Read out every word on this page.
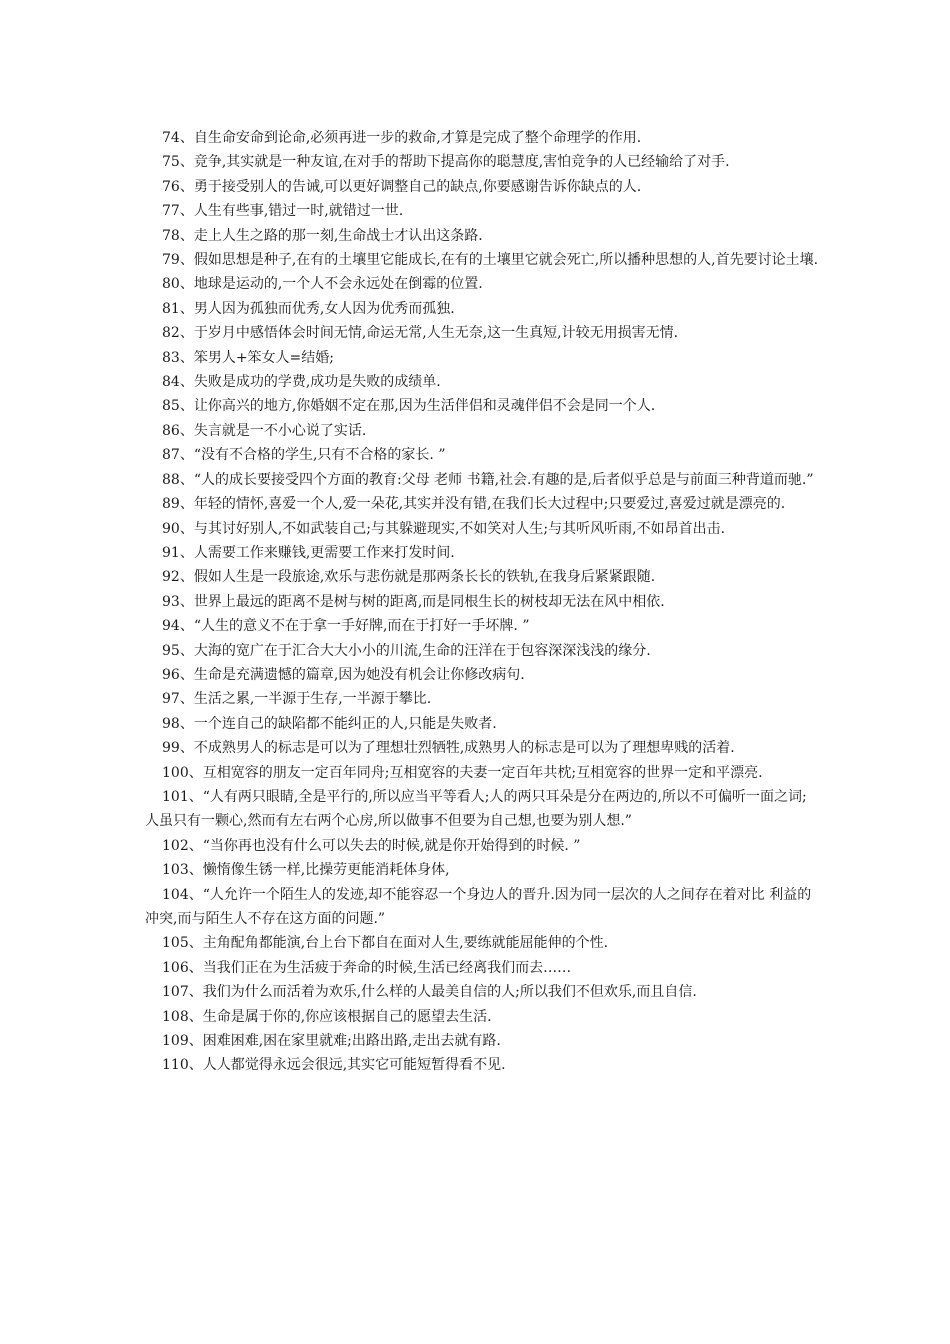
74、自生命安命到论命,必须再进一步的救命,才算是完成了整个命理学的作用.

75、竞争,其实就是一种友谊,在对手的帮助下提高你的聪慧度,害怕竞争的人已经输给了对手.

76、勇于接受别人的告诫,可以更好调整自己的缺点,你要感谢告诉你缺点的人.

77、人生有些事,错过一时,就错过一世.

78、走上人生之路的那一刻,生命战士才认出这条路.

79、假如思想是种子,在有的土壤里它能成长,在有的土壤里它就会死亡,所以播种思想的人,首先要讨论土壤.

80、地球是运动的,一个人不会永远处在倒霉的位置.

81、男人因为孤独而优秀,女人因为优秀而孤独.

82、于岁月中感悟体会时间无情,命运无常,人生无奈,这一生真短,计较无用损害无情.

83、笨男人+笨女人=结婚;

84、失败是成功的学费,成功是失败的成绩单.

85、让你高兴的地方,你婚姻不定在那,因为生活伴侣和灵魂伴侣不会是同一个人.

86、失言就是一不小心说了实话.

87、“没有不合格的学生,只有不合格的家长. ”

88、“人的成长要接受四个方面的教育:父母 老师 书籍,社会.有趣的是,后者似乎总是与前面三种背道而驰.”

89、年轻的情怀,喜爱一个人,爱一朵花,其实并没有错,在我们长大过程中;只要爱过,喜爱过就是漂亮的.

90、与其讨好别人,不如武装自己;与其躲避现实,不如笑对人生;与其听风听雨,不如昂首出击.

91、人需要工作来赚钱,更需要工作来打发时间.

92、假如人生是一段旅途,欢乐与悲伤就是那两条长长的铁轨,在我身后紧紧跟随.

93、世界上最远的距离不是树与树的距离,而是同根生长的树枝却无法在风中相依.

94、“人生的意义不在于拿一手好牌,而在于打好一手坏牌. ”

95、大海的宽广在于汇合大大小小的川流,生命的汪洋在于包容深深浅浅的缘分.

96、生命是充满遗憾的篇章,因为她没有机会让你修改病句.

97、生活之累,一半源于生存,一半源于攀比.

98、一个连自己的缺陷都不能纠正的人,只能是失败者.

99、不成熟男人的标志是可以为了理想壮烈牺牲,成熟男人的标志是可以为了理想卑贱的活着.

100、互相宽容的朋友一定百年同舟;互相宽容的夫妻一定百年共枕;互相宽容的世界一定和平漂亮.

101、“人有两只眼睛,全是平行的,所以应当平等看人;人的两只耳朵是分在两边的,所以不可偏听一面之词;人虽只有一颗心,然而有左右两个心房,所以做事不但要为自己想,也要为别人想.”

102、“当你再也没有什么可以失去的时候,就是你开始得到的时候. ”

103、懒惰像生锈一样,比操劳更能消耗体身体,

104、“人允许一个陌生人的发迹,却不能容忍一个身边人的晋升.因为同一层次的人之间存在着对比 利益的冲突,而与陌生人不存在这方面的问题.”

105、主角配角都能演,台上台下都自在面对人生,要练就能屈能伸的个性.

106、当我们正在为生活疲于奔命的时候,生活已经离我们而去……

107、我们为什么而活着为欢乐,什么样的人最美自信的人;所以我们不但欢乐,而且自信.

108、生命是属于你的,你应该根据自己的愿望去生活.

109、困难困难,困在家里就难;出路出路,走出去就有路.

110、人人都觉得永远会很远,其实它可能短暂得看不见.
